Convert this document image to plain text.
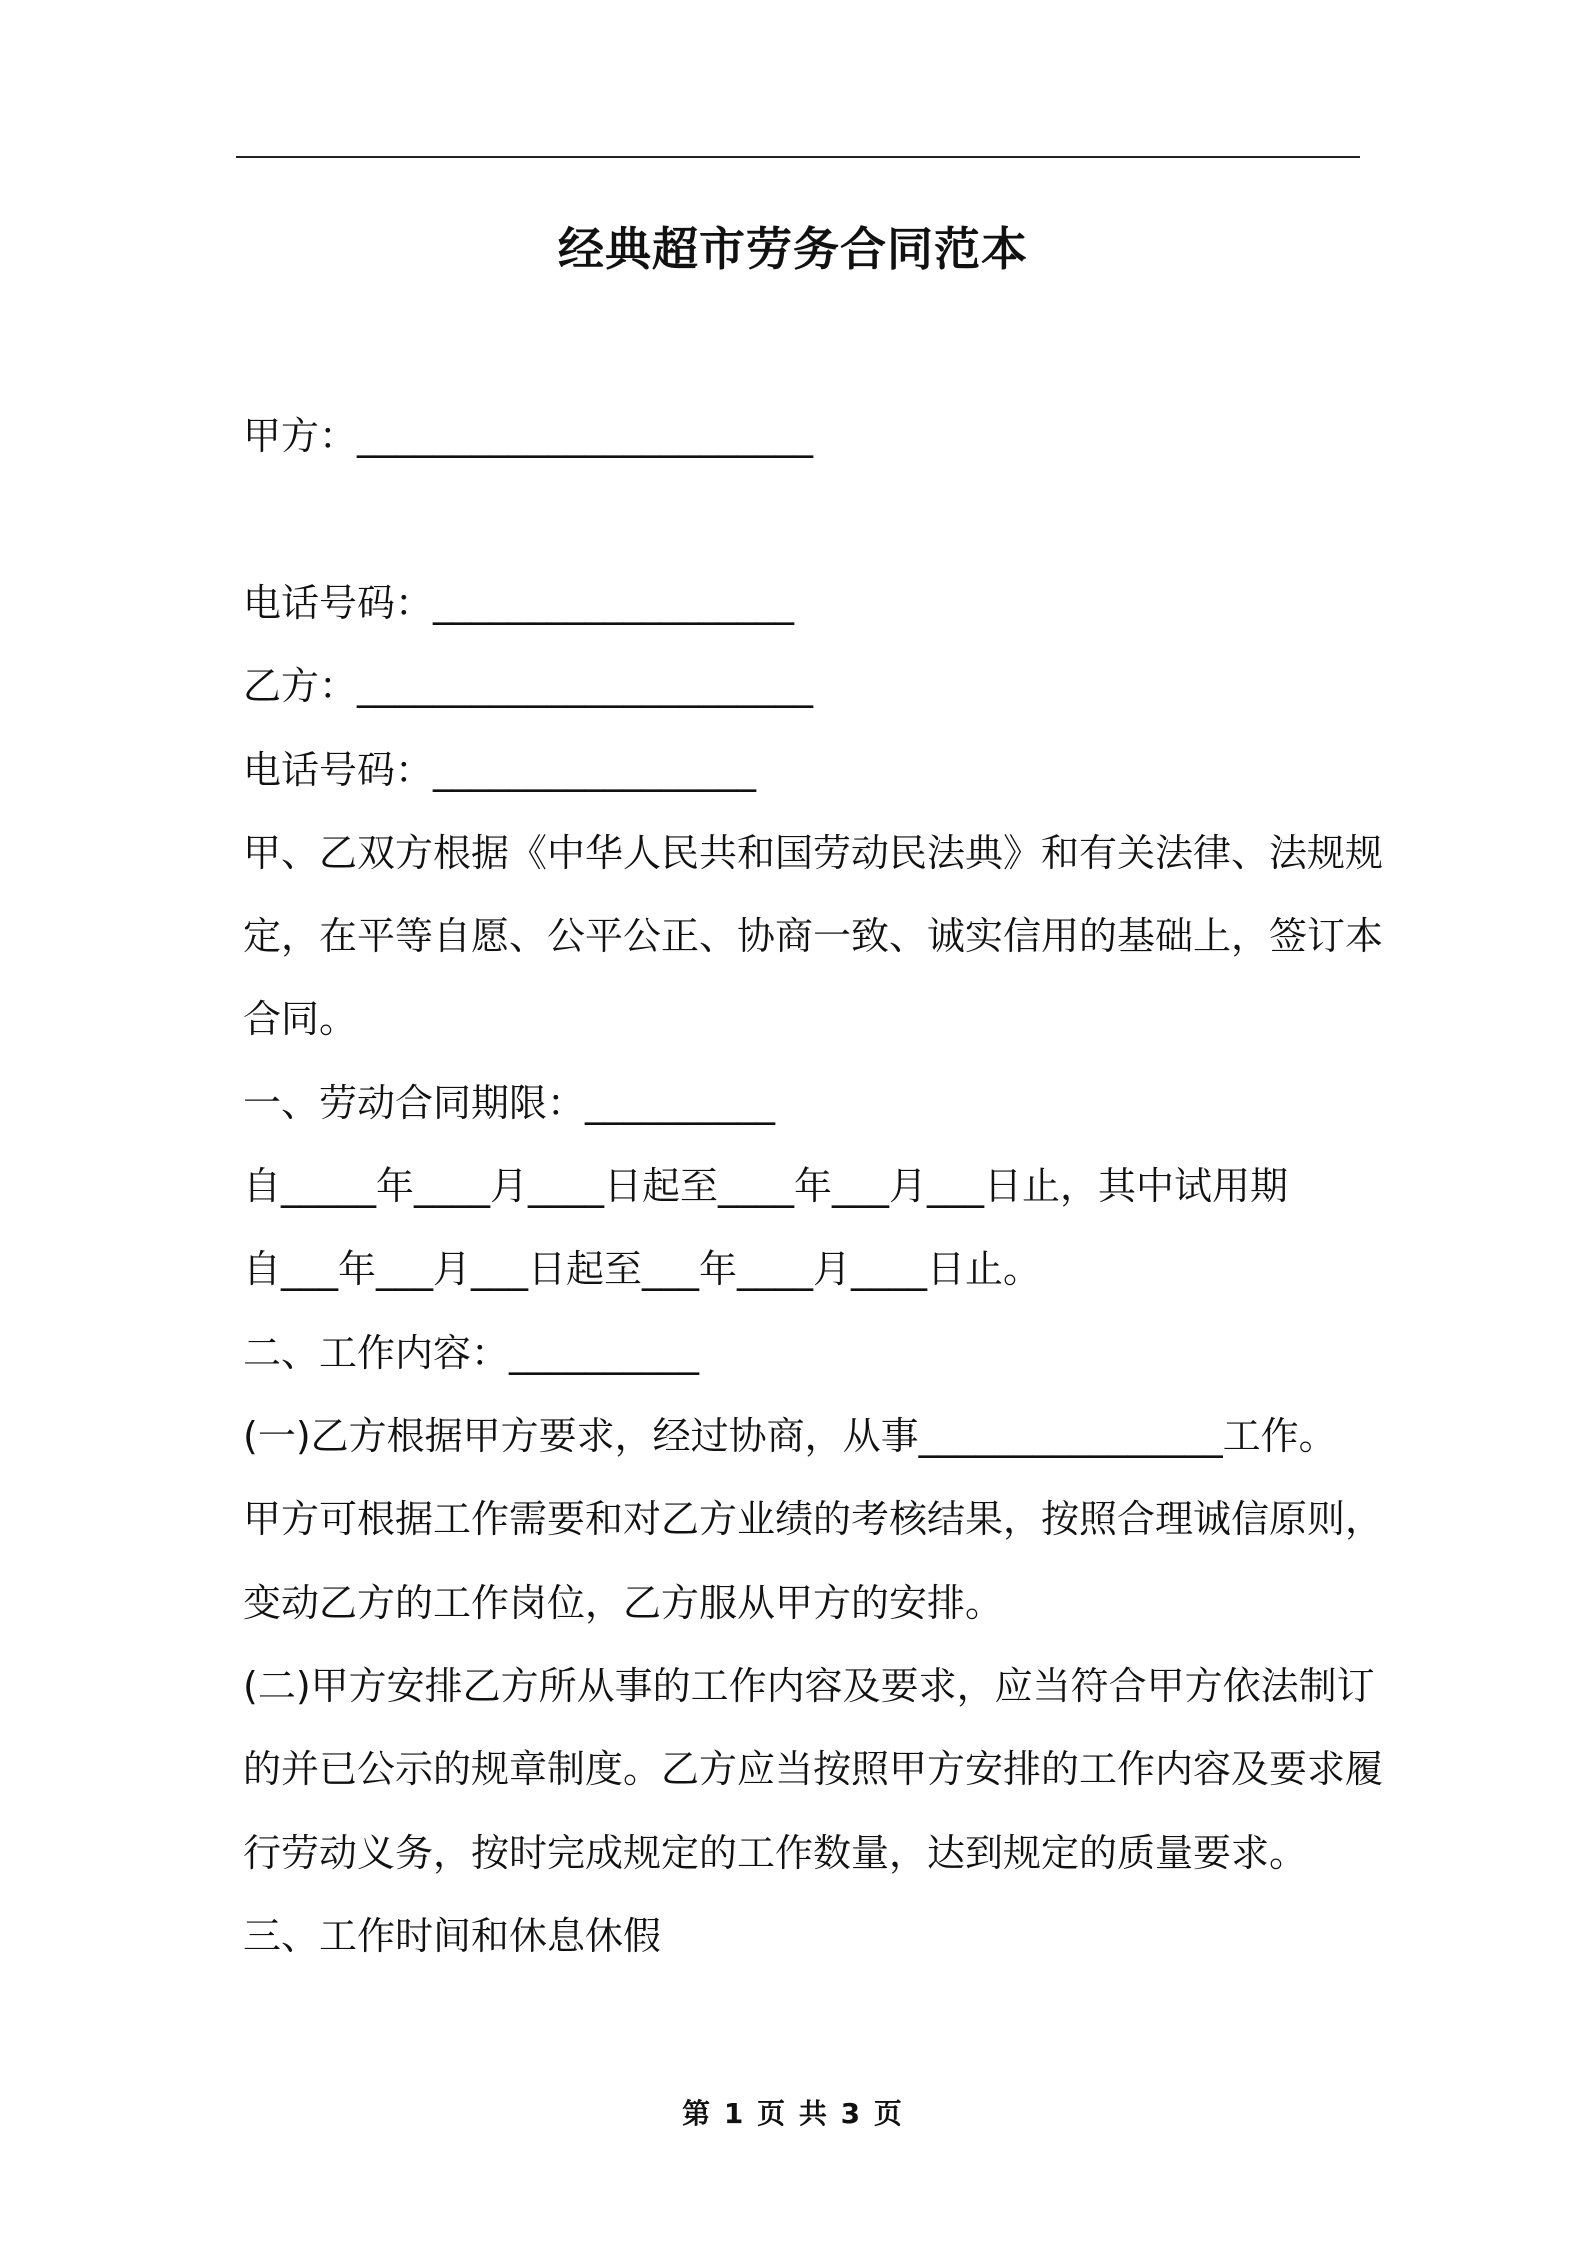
经典超市劳务合同范本

甲方：________________________

电话号码：___________________

乙方：________________________

电话号码：_________________

甲、乙双方根据《中华人民共和国劳动民法典》和有关法律、法规规

定，在平等自愿、公平公正、协商一致、诚实信用的基础上，签订本

合同。

一、劳动合同期限：__________

自_____年____月____日起至____年___月___日止，其中试用期

自___年___月___日起至___年____月____日止。

二、工作内容：__________

(一)乙方根据甲方要求，经过协商，从事________________工作。

甲方可根据工作需要和对乙方业绩的考核结果，按照合理诚信原则，

变动乙方的工作岗位，乙方服从甲方的安排。

(二)甲方安排乙方所从事的工作内容及要求，应当符合甲方依法制订

的并已公示的规章制度。乙方应当按照甲方安排的工作内容及要求履

行劳动义务，按时完成规定的工作数量，达到规定的质量要求。

三、工作时间和休息休假

第 1 页 共 3 页
